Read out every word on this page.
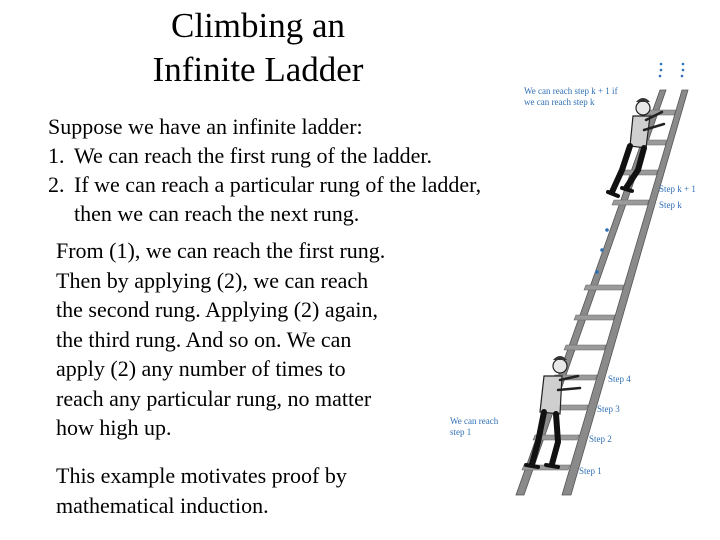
Climbing an
Infinite Ladder
Suppose we have an infinite ladder:
1. We can reach the first rung of the ladder.
2. If we can reach a particular rung of the ladder,
then we can reach the next rung.
From (1), we can reach the first rung.
Then by applying (2), we can reach
the second rung. Applying (2) again,
the third rung. And so on. We can
apply (2) any number of times to
reach any particular rung, no matter
how high up.
This example motivates proof by
mathematical induction.
We can reach step k + 1 if
we can reach step k
Step k + 1
Step k
Step 4
Step 3
Step 2
Step 1
We can reach
step 1
